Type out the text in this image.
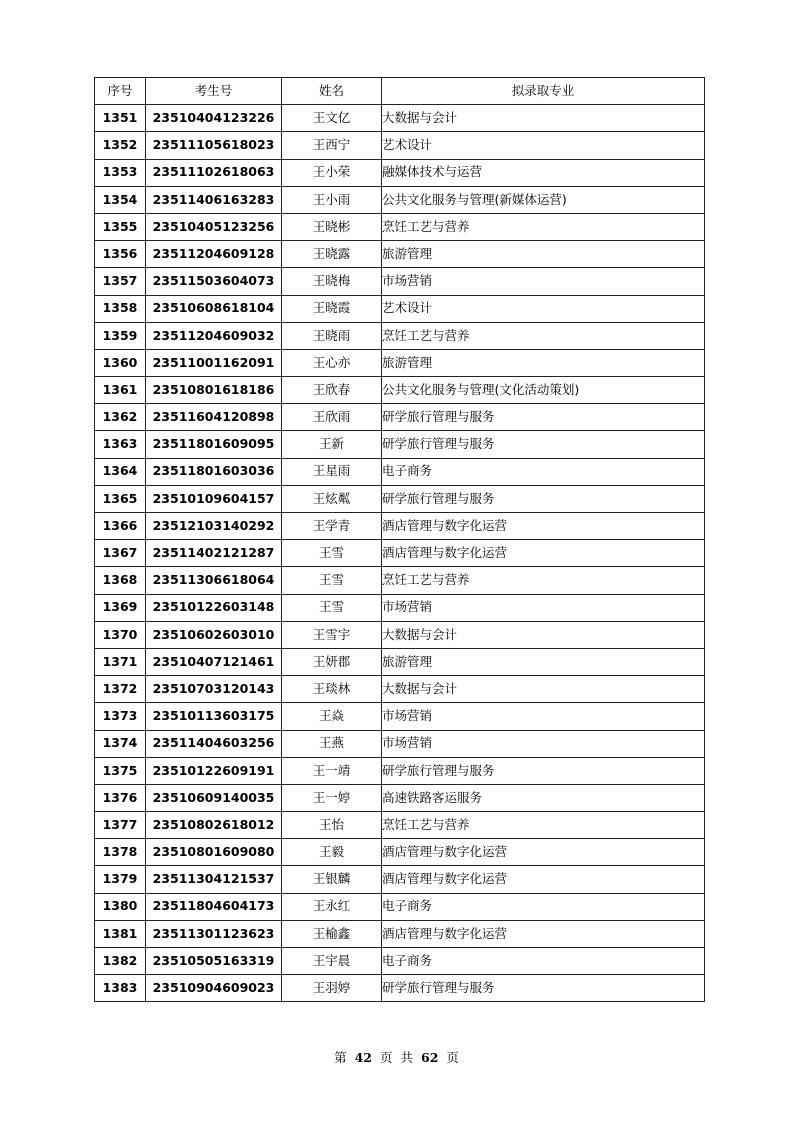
序号	考生号	姓名	拟录取专业
1351	23510404123226	王文亿	大数据与会计
1352	23511105618023	王西宁	艺术设计
1353	23511102618063	王小荣	融媒体技术与运营
1354	23511406163283	王小雨	公共文化服务与管理(新媒体运营)
1355	23510405123256	王晓彬	烹饪工艺与营养
1356	23511204609128	王晓露	旅游管理
1357	23511503604073	王晓梅	市场营销
1358	23510608618104	王晓霞	艺术设计
1359	23511204609032	王晓雨	烹饪工艺与营养
1360	23511001162091	王心亦	旅游管理
1361	23510801618186	王欣春	公共文化服务与管理(文化活动策划)
1362	23511604120898	王欣雨	研学旅行管理与服务
1363	23511801609095	王新	研学旅行管理与服务
1364	23511801603036	王星雨	电子商务
1365	23510109604157	王炫粼	研学旅行管理与服务
1366	23512103140292	王学青	酒店管理与数字化运营
1367	23511402121287	王雪	酒店管理与数字化运营
1368	23511306618064	王雪	烹饪工艺与营养
1369	23510122603148	王雪	市场营销
1370	23510602603010	王雪宇	大数据与会计
1371	23510407121461	王妍郡	旅游管理
1372	23510703120143	王琰林	大数据与会计
1373	23510113603175	王焱	市场营销
1374	23511404603256	王燕	市场营销
1375	23510122609191	王一靖	研学旅行管理与服务
1376	23510609140035	王一婷	高速铁路客运服务
1377	23510802618012	王怡	烹饪工艺与营养
1378	23510801609080	王毅	酒店管理与数字化运营
1379	23511304121537	王银麟	酒店管理与数字化运营
1380	23511804604173	王永红	电子商务
1381	23511301123623	王榆鑫	酒店管理与数字化运营
1382	23510505163319	王宇晨	电子商务
1383	23510904609023	王羽婷	研学旅行管理与服务
第 42 页 共 62 页
